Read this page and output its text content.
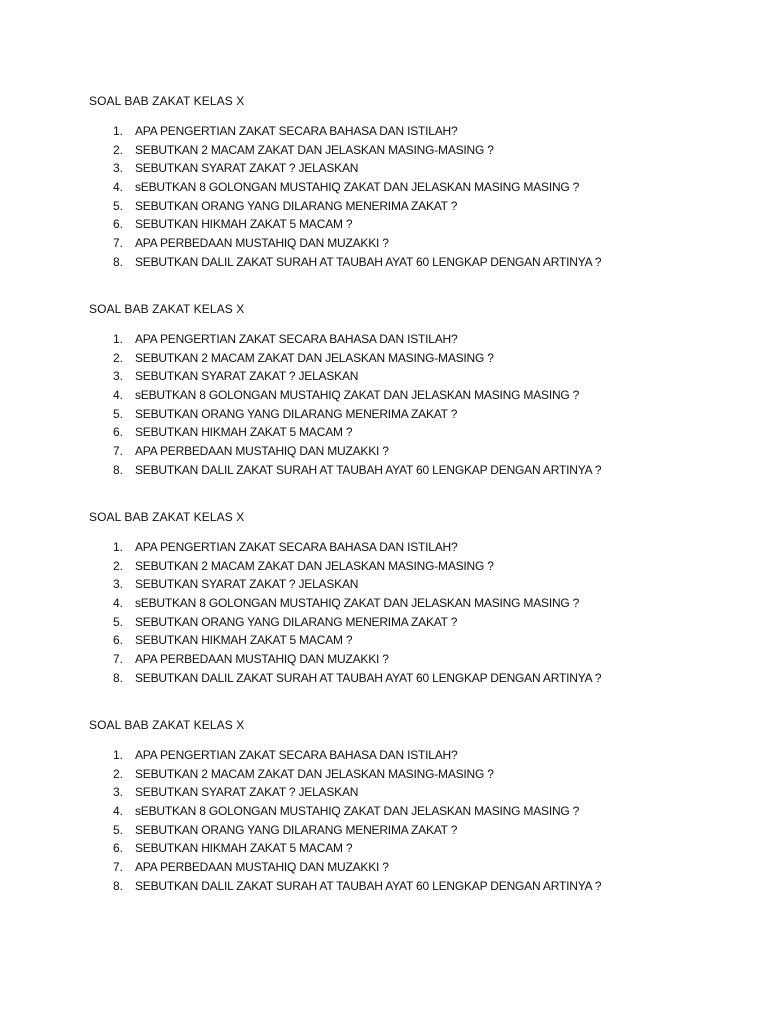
SOAL BAB ZAKAT KELAS X

1. APA PENGERTIAN ZAKAT SECARA BAHASA DAN ISTILAH?
2. SEBUTKAN 2 MACAM ZAKAT DAN JELASKAN MASING-MASING ?
3. SEBUTKAN SYARAT ZAKAT ? JELASKAN
4. sEBUTKAN 8 GOLONGAN MUSTAHIQ ZAKAT DAN JELASKAN MASING MASING ?
5. SEBUTKAN ORANG YANG DILARANG MENERIMA ZAKAT ?
6. SEBUTKAN HIKMAH ZAKAT 5 MACAM ?
7. APA PERBEDAAN MUSTAHIQ DAN MUZAKKI ?
8. SEBUTKAN DALIL ZAKAT SURAH AT TAUBAH AYAT 60 LENGKAP DENGAN ARTINYA ?

SOAL BAB ZAKAT KELAS X

1. APA PENGERTIAN ZAKAT SECARA BAHASA DAN ISTILAH?
2. SEBUTKAN 2 MACAM ZAKAT DAN JELASKAN MASING-MASING ?
3. SEBUTKAN SYARAT ZAKAT ? JELASKAN
4. sEBUTKAN 8 GOLONGAN MUSTAHIQ ZAKAT DAN JELASKAN MASING MASING ?
5. SEBUTKAN ORANG YANG DILARANG MENERIMA ZAKAT ?
6. SEBUTKAN HIKMAH ZAKAT 5 MACAM ?
7. APA PERBEDAAN MUSTAHIQ DAN MUZAKKI ?
8. SEBUTKAN DALIL ZAKAT SURAH AT TAUBAH AYAT 60 LENGKAP DENGAN ARTINYA ?

SOAL BAB ZAKAT KELAS X

1. APA PENGERTIAN ZAKAT SECARA BAHASA DAN ISTILAH?
2. SEBUTKAN 2 MACAM ZAKAT DAN JELASKAN MASING-MASING ?
3. SEBUTKAN SYARAT ZAKAT ? JELASKAN
4. sEBUTKAN 8 GOLONGAN MUSTAHIQ ZAKAT DAN JELASKAN MASING MASING ?
5. SEBUTKAN ORANG YANG DILARANG MENERIMA ZAKAT ?
6. SEBUTKAN HIKMAH ZAKAT 5 MACAM ?
7. APA PERBEDAAN MUSTAHIQ DAN MUZAKKI ?
8. SEBUTKAN DALIL ZAKAT SURAH AT TAUBAH AYAT 60 LENGKAP DENGAN ARTINYA ?

SOAL BAB ZAKAT KELAS X

1. APA PENGERTIAN ZAKAT SECARA BAHASA DAN ISTILAH?
2. SEBUTKAN 2 MACAM ZAKAT DAN JELASKAN MASING-MASING ?
3. SEBUTKAN SYARAT ZAKAT ? JELASKAN
4. sEBUTKAN 8 GOLONGAN MUSTAHIQ ZAKAT DAN JELASKAN MASING MASING ?
5. SEBUTKAN ORANG YANG DILARANG MENERIMA ZAKAT ?
6. SEBUTKAN HIKMAH ZAKAT 5 MACAM ?
7. APA PERBEDAAN MUSTAHIQ DAN MUZAKKI ?
8. SEBUTKAN DALIL ZAKAT SURAH AT TAUBAH AYAT 60 LENGKAP DENGAN ARTINYA ?
